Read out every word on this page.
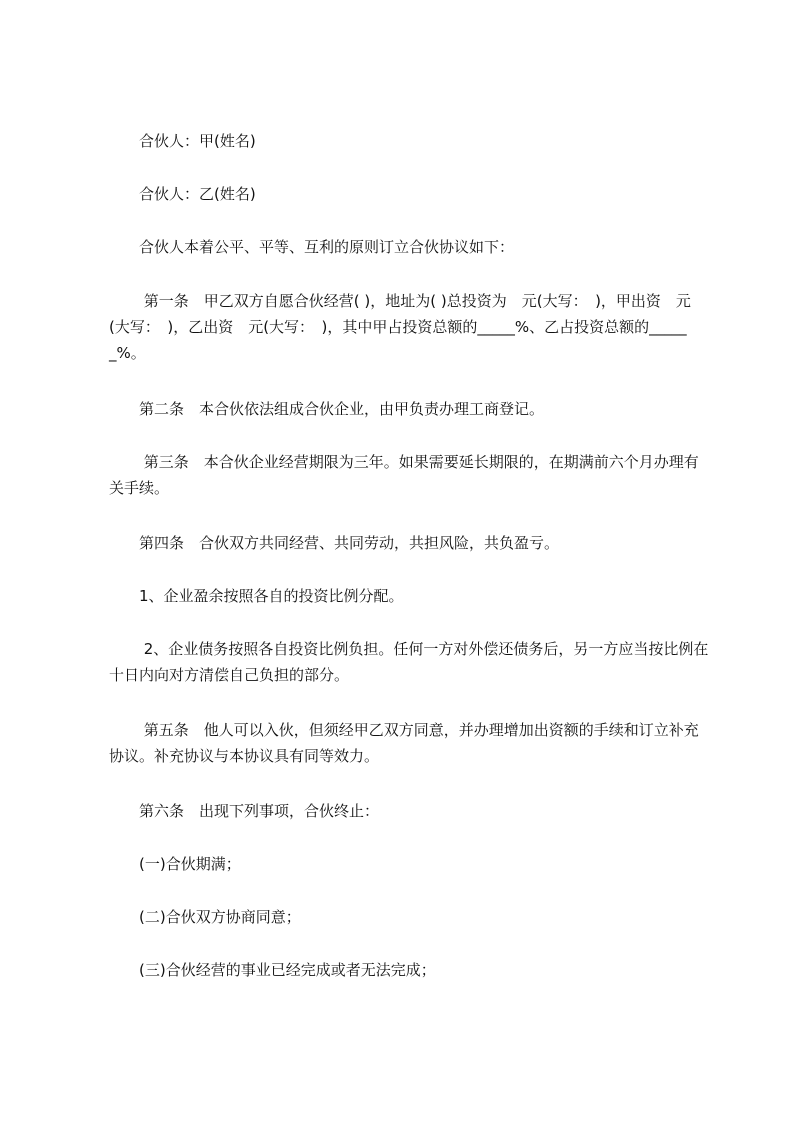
　　合伙人：甲(姓名)

　　合伙人：乙(姓名)

　　合伙人本着公平、平等、互利的原则订立合伙协议如下：

　　 第一条　甲乙双方自愿合伙经营( )，地址为( )总投资为　元(大写：　)，甲出资　元(大写：　)，乙出资　元(大写：　)，其中甲占投资总额的_____%、乙占投资总额的______%。

　　第二条　本合伙依法组成合伙企业，由甲负责办理工商登记。

　　 第三条　本合伙企业经营期限为三年。如果需要延长期限的，在期满前六个月办理有关手续。

　　第四条　合伙双方共同经营、共同劳动，共担风险，共负盈亏。

　　1、企业盈余按照各自的投资比例分配。

　　 2、企业债务按照各自投资比例负担。任何一方对外偿还债务后，另一方应当按比例在十日内向对方清偿自己负担的部分。

　　 第五条　他人可以入伙，但须经甲乙双方同意，并办理增加出资额的手续和订立补充协议。补充协议与本协议具有同等效力。

　　第六条　出现下列事项，合伙终止：

　　(一)合伙期满；

　　(二)合伙双方协商同意；

　　(三)合伙经营的事业已经完成或者无法完成；
